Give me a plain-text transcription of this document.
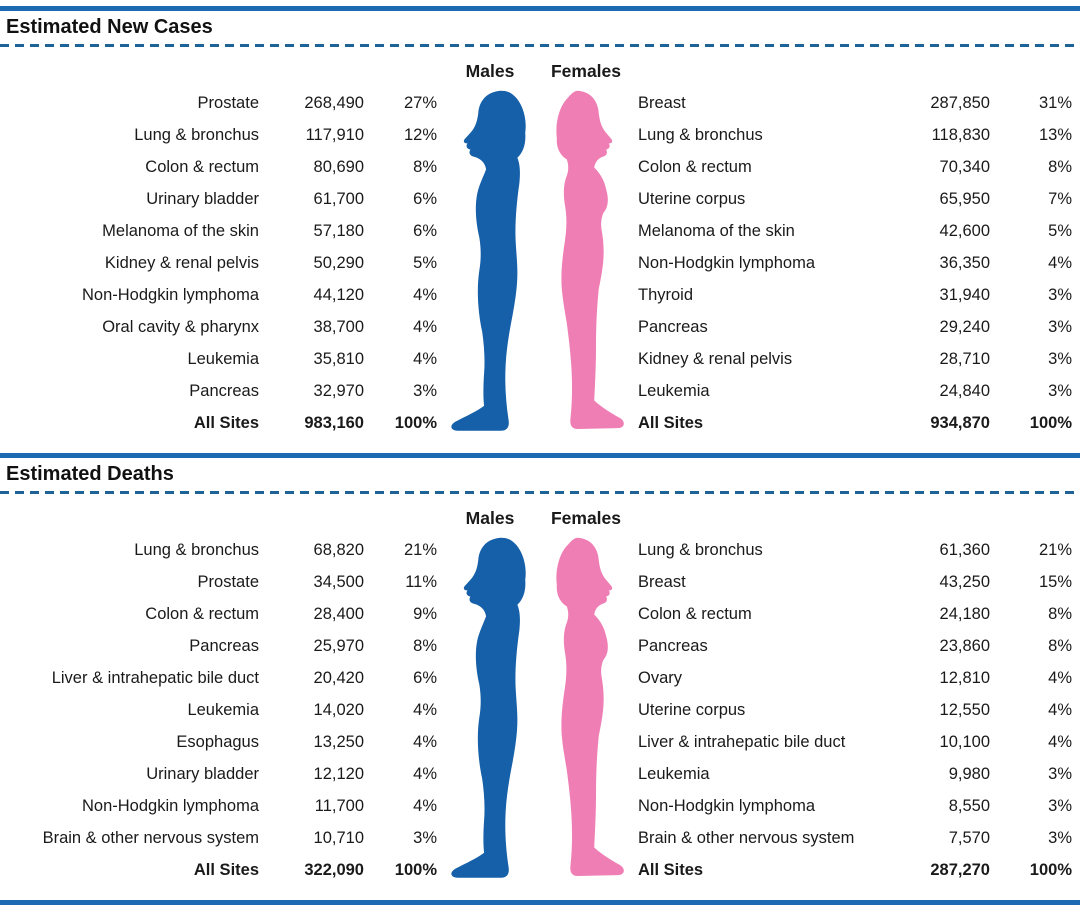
Estimated New Cases
Males	Females
Prostate	268,490	27%
Lung & bronchus	117,910	12%
Colon & rectum	80,690	8%
Urinary bladder	61,700	6%
Melanoma of the skin	57,180	6%
Kidney & renal pelvis	50,290	5%
Non-Hodgkin lymphoma	44,120	4%
Oral cavity & pharynx	38,700	4%
Leukemia	35,810	4%
Pancreas	32,970	3%
All Sites	983,160	100%
Breast	287,850	31%
Lung & bronchus	118,830	13%
Colon & rectum	70,340	8%
Uterine corpus	65,950	7%
Melanoma of the skin	42,600	5%
Non-Hodgkin lymphoma	36,350	4%
Thyroid	31,940	3%
Pancreas	29,240	3%
Kidney & renal pelvis	28,710	3%
Leukemia	24,840	3%
All Sites	934,870	100%
Estimated Deaths
Males	Females
Lung & bronchus	68,820	21%
Prostate	34,500	11%
Colon & rectum	28,400	9%
Pancreas	25,970	8%
Liver & intrahepatic bile duct	20,420	6%
Leukemia	14,020	4%
Esophagus	13,250	4%
Urinary bladder	12,120	4%
Non-Hodgkin lymphoma	11,700	4%
Brain & other nervous system	10,710	3%
All Sites	322,090	100%
Lung & bronchus	61,360	21%
Breast	43,250	15%
Colon & rectum	24,180	8%
Pancreas	23,860	8%
Ovary	12,810	4%
Uterine corpus	12,550	4%
Liver & intrahepatic bile duct	10,100	4%
Leukemia	9,980	3%
Non-Hodgkin lymphoma	8,550	3%
Brain & other nervous system	7,570	3%
All Sites	287,270	100%
